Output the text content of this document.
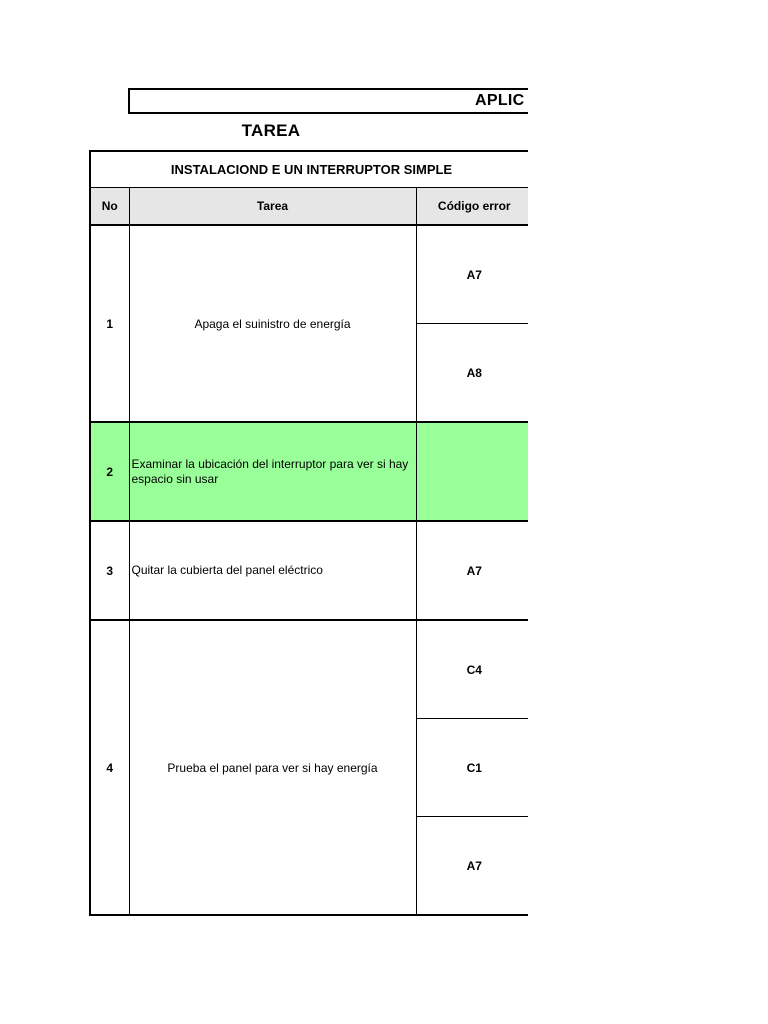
APLIC
TAREA
INSTALACIOND E UN INTERRUPTOR SIMPLE		
No	Tarea	Código error
1	Apaga el suinistro de energía	A7
		A8
2	Examinar la ubicación del interruptor para ver si hay espacio sin usar	
3	Quitar la cubierta del panel eléctrico	A7
4	Prueba el panel para ver si hay energía	C4
		C1
		A7
